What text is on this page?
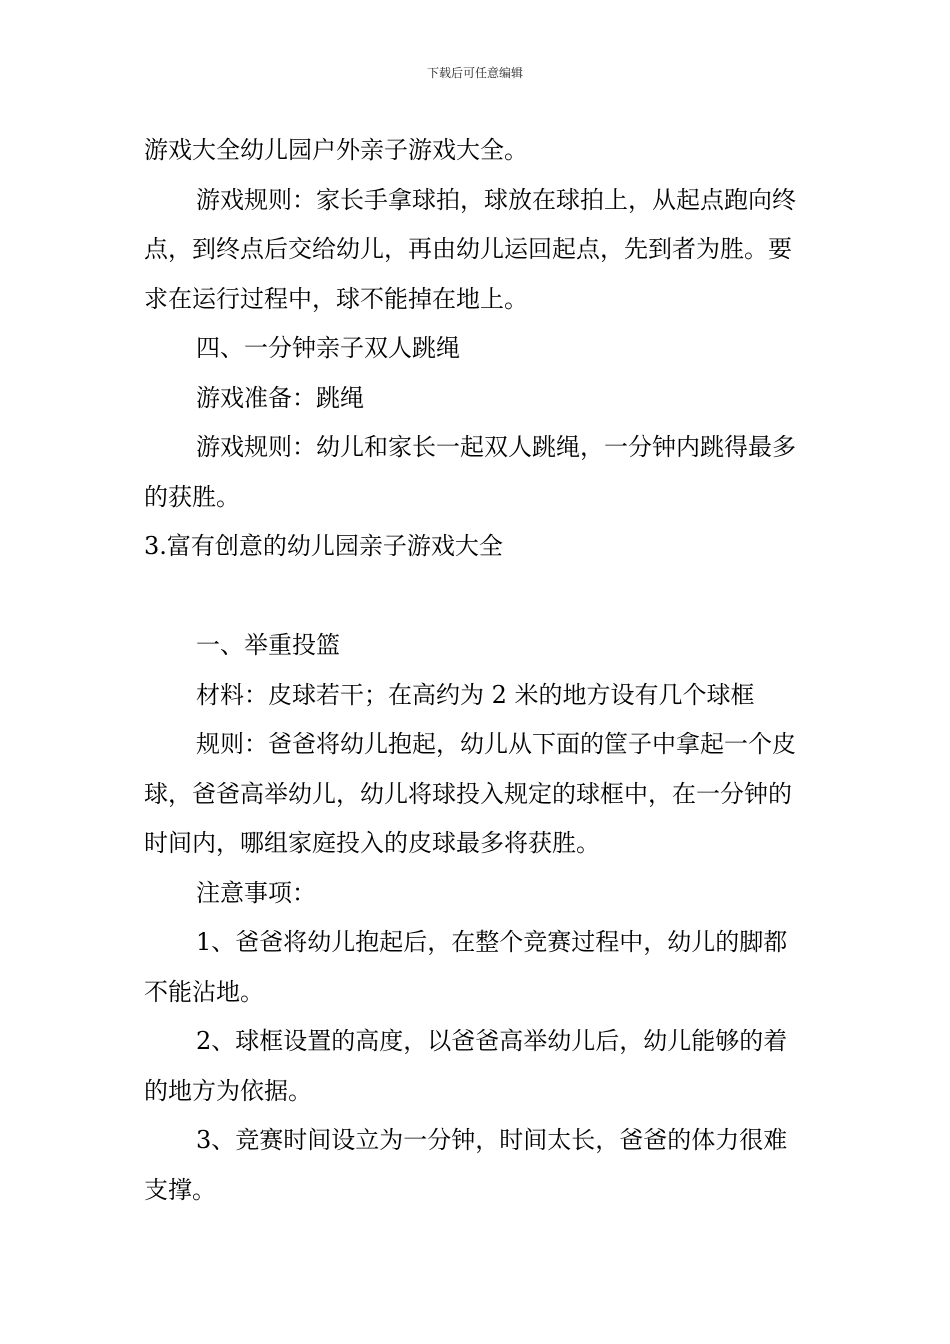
下载后可任意编辑

游戏大全幼儿园户外亲子游戏大全。

游戏规则：家长手拿球拍，球放在球拍上，从起点跑向终点，到终点后交给幼儿，再由幼儿运回起点，先到者为胜。要求在运行过程中，球不能掉在地上。

四、一分钟亲子双人跳绳

游戏准备：跳绳

游戏规则：幼儿和家长一起双人跳绳，一分钟内跳得最多的获胜。

3.富有创意的幼儿园亲子游戏大全

一、举重投篮

材料：皮球若干；在高约为 2 米的地方设有几个球框

规则：爸爸将幼儿抱起，幼儿从下面的筐子中拿起一个皮球，爸爸高举幼儿，幼儿将球投入规定的球框中，在一分钟的时间内，哪组家庭投入的皮球最多将获胜。

注意事项：

1、爸爸将幼儿抱起后，在整个竞赛过程中，幼儿的脚都不能沾地。

2、球框设置的高度，以爸爸高举幼儿后，幼儿能够的着的地方为依据。

3、竞赛时间设立为一分钟，时间太长，爸爸的体力很难支撑。
